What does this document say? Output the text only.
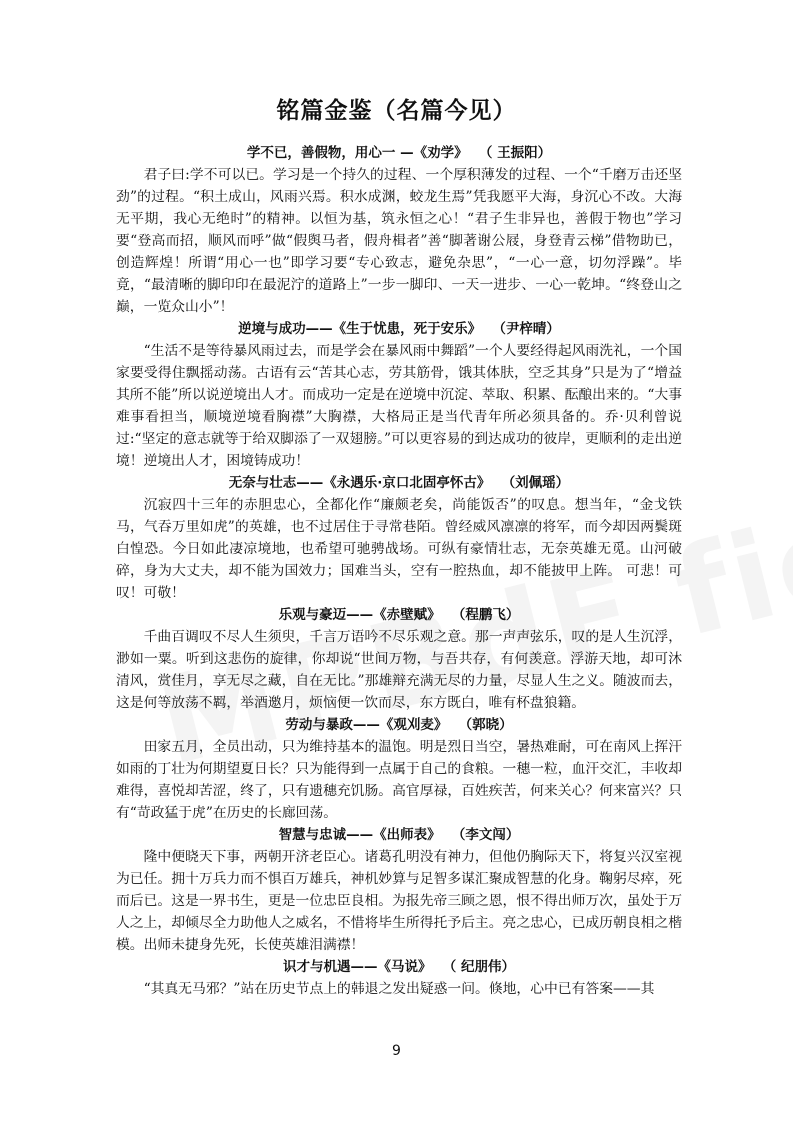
铭篇金鉴（名篇今见）
学不已，善假物，用心一 —《劝学》 （ 王振阳）

君子曰:学不可以已。学习是一个持久的过程、一个厚积薄发的过程、一个“千磨万击还坚劲”的过程。“积土成山，风雨兴焉。积水成渊，蛟龙生焉”凭我愿平大海，身沉心不改。大海无平期，我心无绝时”的精神。以恒为基，筑永恒之心！“君子生非异也，善假于物也”学习要“登高而招，顺风而呼”做“假舆马者，假舟楫者”善“脚著谢公屐，身登青云梯”借物助已，创造辉煌！所谓“用心一也”即学习要“专心致志，避免杂思”，“一心一意，切勿浮躁”。毕竟，“最清晰的脚印印在最泥泞的道路上”一步一脚印、一天一进步、一心一乾坤。“终登山之巅，一览众山小”！

逆境与成功——《生于忧患，死于安乐》 （尹梓晴）

“生活不是等待暴风雨过去，而是学会在暴风雨中舞蹈”一个人要经得起风雨洗礼，一个国家要受得住飘摇动荡。古语有云“苦其心志，劳其筋骨，饿其体肤，空乏其身”只是为了“增益其所不能”所以说逆境出人才。而成功一定是在逆境中沉淀、萃取、积累、酝酿出来的。“大事难事看担当，顺境逆境看胸襟”大胸襟，大格局正是当代青年所必须具备的。乔·贝利曾说过:“坚定的意志就等于给双脚添了一双翅膀。”可以更容易的到达成功的彼岸，更顺利的走出逆境！逆境出人才，困境铸成功！

无奈与壮志——《永遇乐·京口北固亭怀古》 （刘佩瑶）

沉寂四十三年的赤胆忠心，全都化作“廉颇老矣，尚能饭否”的叹息。想当年，“金戈铁马，气吞万里如虎”的英雄，也不过居住于寻常巷陌。曾经威风凛凛的将军，而今却因两鬓斑白惶恐。今日如此凄凉境地，也希望可驰骋战场。可纵有豪情壮志，无奈英雄无觅。山河破碎，身为大丈夫，却不能为国效力；国难当头，空有一腔热血，却不能披甲上阵。 可悲！可叹！可敬！

乐观与豪迈——《赤壁赋》 （程鹏飞）

千曲百调叹不尽人生须臾，千言万语吟不尽乐观之意。那一声声弦乐，叹的是人生沉浮，渺如一粟。听到这悲伤的旋律，你却说“世间万物，与吾共存，有何羡意。浮游天地，却可沐清风，赏佳月，享无尽之藏，自在无比。”那雄辩充满无尽的力量，尽显人生之义。随波而去，这是何等放荡不羁，举酒邀月，烦恼便一饮而尽，东方既白，唯有杯盘狼籍。

劳动与暴政——《观刈麦》 （郭晓）

田家五月，全员出动，只为维持基本的温饱。明是烈日当空，暑热难耐，可在南风上挥汗如雨的丁壮为何期望夏日长？只为能得到一点属于自己的食粮。一穗一粒，血汗交汇，丰收却难得，喜悦却苦涩，终了，只有遗穗充饥肠。高官厚禄，百姓疾苦，何来关心？何来富兴？只有“苛政猛于虎”在历史的长廊回荡。

智慧与忠诚——《出师表》 （李文闯）

隆中便晓天下事，两朝开济老臣心。诸葛孔明没有神力，但他仍胸际天下，将复兴汉室视为已任。拥十万兵力而不惧百万雄兵，神机妙算与足智多谋汇聚成智慧的化身。鞠躬尽瘁，死而后已。这是一界书生，更是一位忠臣良相。为报先帝三顾之恩，恨不得出师万次，虽处于万人之上，却倾尽全力助他人之威名，不惜将毕生所得托予后主。亮之忠心，已成历朝良相之楷模。出师未捷身先死，长使英雄泪满襟！

识才与机遇——《马说》 （ 纪朋伟）

“其真无马邪？”站在历史节点上的韩退之发出疑惑一问。倏地，心中已有答案——其

9
